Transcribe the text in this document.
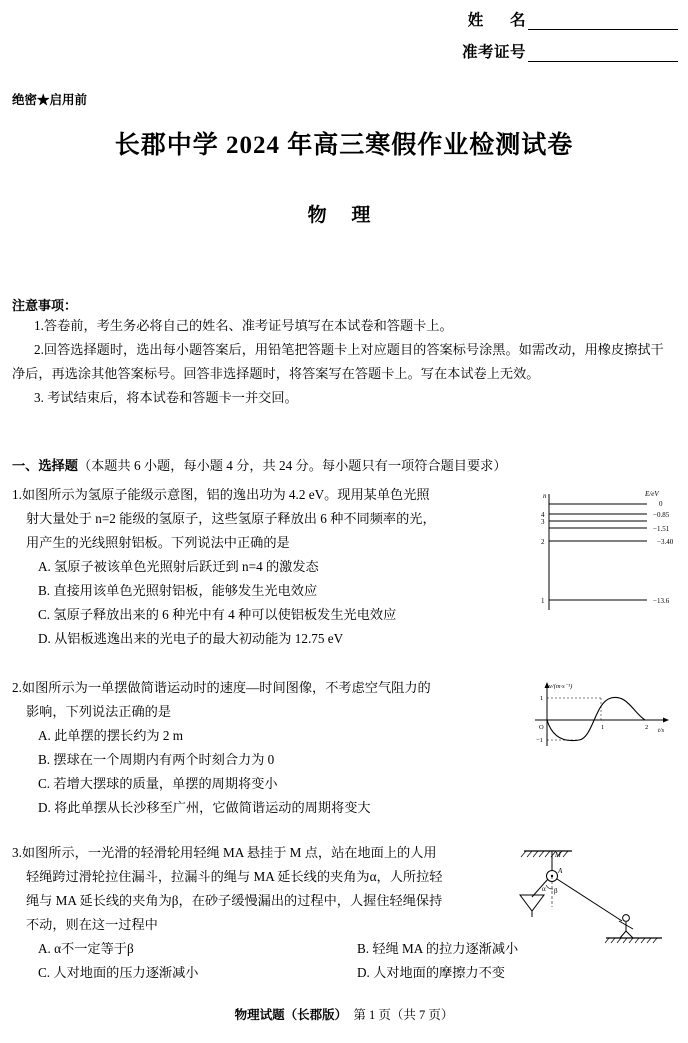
姓      名
准考证号
绝密★启用前
长郡中学 2024 年高三寒假作业检测试卷
物 理
注意事项：

1.答卷前，考生务必将自己的姓名、准考证号填写在本试卷和答题卡上。

2.回答选择题时，选出每小题答案后，用铅笔把答题卡上对应题目的答案标号涂黑。如需改动，用橡皮擦拭干净后，再选涂其他答案标号。回答非选择题时，将答案写在答题卡上。写在本试卷上无效。

3. 考试结束后，将本试卷和答题卡一并交回。

一、选择题（本题共 6 小题，每小题 4 分，共 24 分。每小题只有一项符合题目要求）
1.如图所示为氢原子能级示意图，铝的逸出功为 4.2 eV。现用某单色光照
射大量处于 n=2 能级的氢原子，这些氢原子释放出 6 种不同频率的光，
用产生的光线照射铝板。下列说法中正确的是
A. 氢原子被该单色光照射后跃迁到 n=4 的激发态
B. 直接用该单色光照射铝板，能够发生光电效应
C. 氢原子释放出来的 6 种光中有 4 种可以使铝板发生光电效应
D. 从铝板逃逸出来的光电子的最大初动能为 12.75 eV
n	E/eV
0
−0.85
−1.51
−3.40
−13.6
4
3
2
1
2.如图所示为一单摆做简谐运动时的速度—时间图像，不考虑空气阻力的
影响，下列说法正确的是
A. 此单摆的摆长约为 2 m
B. 摆球在一个周期内有两个时刻合力为 0
C. 若增大摆球的质量，单摆的周期将变小
D. 将此单摆从长沙移至广州，它做简谐运动的周期将变大
v/(m·s⁻¹)
t/s
1
−1
O	1	2
3.如图所示，一光滑的轻滑轮用轻绳 MA 悬挂于 M 点，站在地面上的人用
轻绳跨过滑轮拉住漏斗，拉漏斗的绳与 MA 延长线的夹角为α，人所拉轻
绳与 MA 延长线的夹角为β，在砂子缓慢漏出的过程中，人握住轻绳保持
不动，则在这一过程中
A. α不一定等于β	B. 轻绳 MA 的拉力逐渐减小
C. 人对地面的压力逐渐减小	D. 人对地面的摩擦力不变
M
A
α β
物理试题（长郡版） 第 1 页（共 7 页）
